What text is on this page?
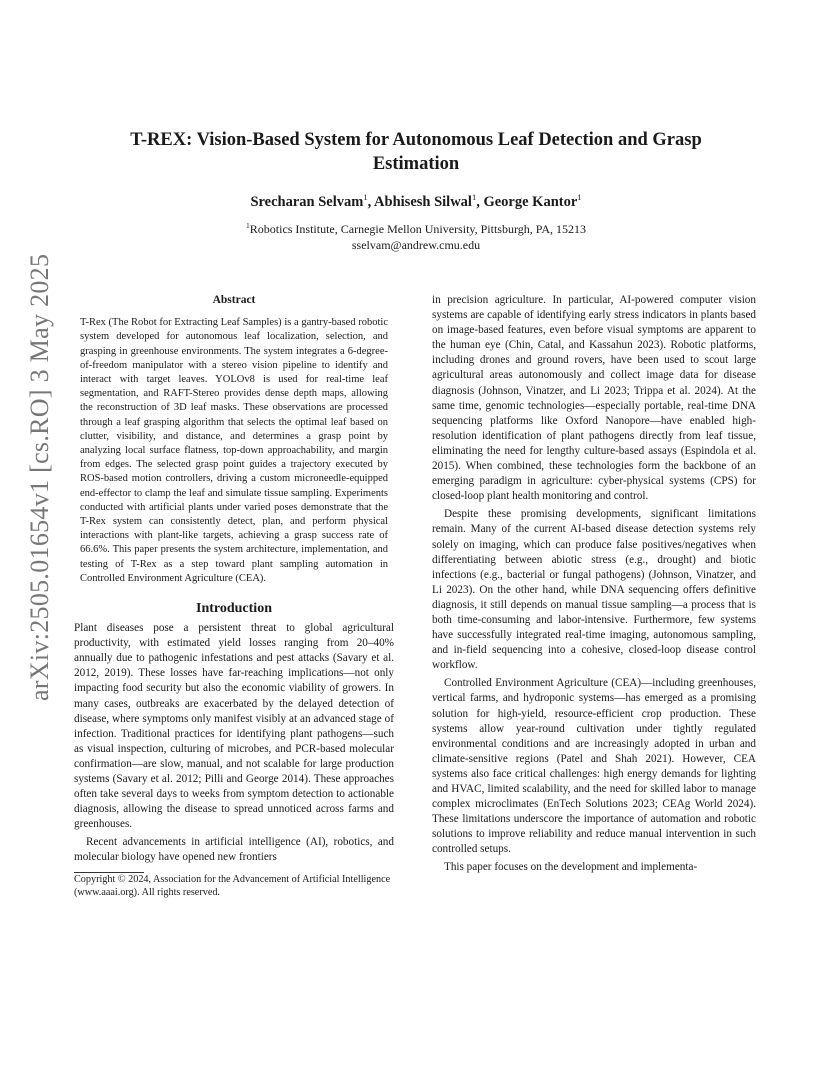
arXiv:2505.01654v1 [cs.RO] 3 May 2025
T-REX: Vision-Based System for Autonomous Leaf Detection and Grasp Estimation
Srecharan Selvam$^1$, Abhisesh Silwal$^1$, George Kantor$^1$
$^1$Robotics Institute, Carnegie Mellon University, Pittsburgh, PA, 15213
sselvam@andrew.cmu.edu
Abstract

T-Rex (The Robot for Extracting Leaf Samples) is a gantry-based robotic system developed for autonomous leaf localization, selection, and grasping in greenhouse environments. The system integrates a 6-degree-of-freedom manipulator with a stereo vision pipeline to identify and interact with target leaves. YOLOv8 is used for real-time leaf segmentation, and RAFT-Stereo provides dense depth maps, allowing the reconstruction of 3D leaf masks. These observations are processed through a leaf grasping algorithm that selects the optimal leaf based on clutter, visibility, and distance, and determines a grasp point by analyzing local surface flatness, top-down approachability, and margin from edges. The selected grasp point guides a trajectory executed by ROS-based motion controllers, driving a custom microneedle-equipped end-effector to clamp the leaf and simulate tissue sampling. Experiments conducted with artificial plants under varied poses demonstrate that the T-Rex system can consistently detect, plan, and perform physical interactions with plant-like targets, achieving a grasp success rate of 66.6%. This paper presents the system architecture, implementation, and testing of T-Rex as a step toward plant sampling automation in Controlled Environment Agriculture (CEA).

Introduction

Plant diseases pose a persistent threat to global agricultural productivity, with estimated yield losses ranging from 20–40% annually due to pathogenic infestations and pest attacks (Savary et al. 2012, 2019). These losses have far-reaching implications—not only impacting food security but also the economic viability of growers. In many cases, outbreaks are exacerbated by the delayed detection of disease, where symptoms only manifest visibly at an advanced stage of infection. Traditional practices for identifying plant pathogens—such as visual inspection, culturing of microbes, and PCR-based molecular confirmation—are slow, manual, and not scalable for large production systems (Savary et al. 2012; Pilli and George 2014). These approaches often take several days to weeks from symptom detection to actionable diagnosis, allowing the disease to spread unnoticed across farms and greenhouses.

Recent advancements in artificial intelligence (AI), robotics, and molecular biology have opened new frontiers

Copyright © 2024, Association for the Advancement of Artificial Intelligence (www.aaai.org). All rights reserved.

in precision agriculture. In particular, AI-powered computer vision systems are capable of identifying early stress indicators in plants based on image-based features, even before visual symptoms are apparent to the human eye (Chin, Catal, and Kassahun 2023). Robotic platforms, including drones and ground rovers, have been used to scout large agricultural areas autonomously and collect image data for disease diagnosis (Johnson, Vinatzer, and Li 2023; Trippa et al. 2024). At the same time, genomic technologies—especially portable, real-time DNA sequencing platforms like Oxford Nanopore—have enabled high-resolution identification of plant pathogens directly from leaf tissue, eliminating the need for lengthy culture-based assays (Espindola et al. 2015). When combined, these technologies form the backbone of an emerging paradigm in agriculture: cyber-physical systems (CPS) for closed-loop plant health monitoring and control.

Despite these promising developments, significant limitations remain. Many of the current AI-based disease detection systems rely solely on imaging, which can produce false positives/negatives when differentiating between abiotic stress (e.g., drought) and biotic infections (e.g., bacterial or fungal pathogens) (Johnson, Vinatzer, and Li 2023). On the other hand, while DNA sequencing offers definitive diagnosis, it still depends on manual tissue sampling—a process that is both time-consuming and labor-intensive. Furthermore, few systems have successfully integrated real-time imaging, autonomous sampling, and in-field sequencing into a cohesive, closed-loop disease control workflow.

Controlled Environment Agriculture (CEA)—including greenhouses, vertical farms, and hydroponic systems—has emerged as a promising solution for high-yield, resource-efficient crop production. These systems allow year-round cultivation under tightly regulated environmental conditions and are increasingly adopted in urban and climate-sensitive regions (Patel and Shah 2021). However, CEA systems also face critical challenges: high energy demands for lighting and HVAC, limited scalability, and the need for skilled labor to manage complex microclimates (EnTech Solutions 2023; CEAg World 2024). These limitations underscore the importance of automation and robotic solutions to improve reliability and reduce manual intervention in such controlled setups.

This paper focuses on the development and implementa-
